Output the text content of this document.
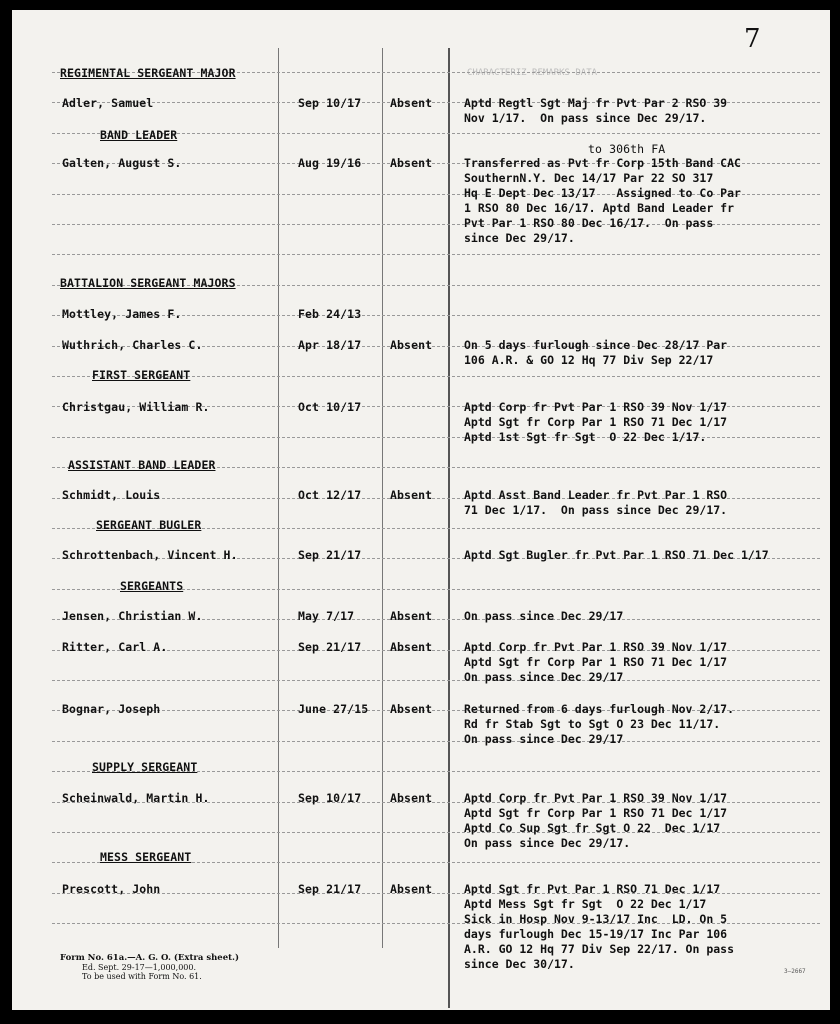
7
CHARACTERIZ REMARKS DATA
REGIMENTAL SERGEANT MAJOR
Adler, Samuel	Sep 10/17	Absent	Aptd Regtl Sgt Maj fr Pvt Par 2 RSO 39
Nov 1/17.  On pass since Dec 29/17.
BAND LEADER
Galten, August S.	Aug 19/16	Absent
to 306th FA
Transferred as Pvt fr Corp 15th Band CAC
SouthernN.Y. Dec 14/17 Par 22 SO 317
Hq E Dept Dec 13/17   Assigned to Co Par
1 RSO 80 Dec 16/17. Aptd Band Leader fr
Pvt Par 1 RSO 80 Dec 16/17.  On pass
since Dec 29/17.
BATTALION SERGEANT MAJORS
Mottley, James F.	Feb 24/13
Wuthrich, Charles C.	Apr 18/17	Absent	On 5 days furlough since Dec 28/17 Par
106 A.R. & GO 12 Hq 77 Div Sep 22/17
FIRST SERGEANT
Christgau, William R.	Oct 10/17	Aptd Corp fr Pvt Par 1 RSO 39 Nov 1/17
Aptd Sgt fr Corp Par 1 RSO 71 Dec 1/17
Aptd 1st Sgt fr Sgt  O 22 Dec 1/17.
ASSISTANT BAND LEADER
Schmidt, Louis	Oct 12/17	Absent	Aptd Asst Band Leader fr Pvt Par 1 RSO
71 Dec 1/17.  On pass since Dec 29/17.
SERGEANT BUGLER
Schrottenbach, Vincent H.	Sep 21/17	Aptd Sgt Bugler fr Pvt Par 1 RSO 71 Dec 1/17
SERGEANTS
Jensen, Christian W.	May 7/17	Absent	On pass since Dec 29/17
Ritter, Carl A.	Sep 21/17	Absent	Aptd Corp fr Pvt Par 1 RSO 39 Nov 1/17
Aptd Sgt fr Corp Par 1 RSO 71 Dec 1/17
On pass since Dec 29/17
Bognar, Joseph	June 27/15 Absent	Returned from 6 days furlough Nov 2/17.
Rd fr Stab Sgt to Sgt O 23 Dec 11/17.
On pass since Dec 29/17
SUPPLY SERGEANT
Scheinwald, Martin H.	Sep 10/17	Absent	Aptd Corp fr Pvt Par 1 RSO 39 Nov 1/17
Aptd Sgt fr Corp Par 1 RSO 71 Dec 1/17
Aptd Co Sup Sgt fr Sgt O 22  Dec 1/17
On pass since Dec 29/17.
MESS SERGEANT
Prescott, John	Sep 21/17	Absent	Aptd Sgt fr Pvt Par 1 RSO 71 Dec 1/17
Aptd Mess Sgt fr Sgt  O 22 Dec 1/17
Sick in Hosp Nov 9-13/17 Inc  LD. On 5
days furlough Dec 15-19/17 Inc Par 106
A.R. GO 12 Hq 77 Div Sep 22/17. On pass
since Dec 30/17.
Form No. 61a.—A. G. O. (Extra sheet.)
Ed. Sept. 29-17—1,000,000.
To be used with Form No. 61.
3—2667
